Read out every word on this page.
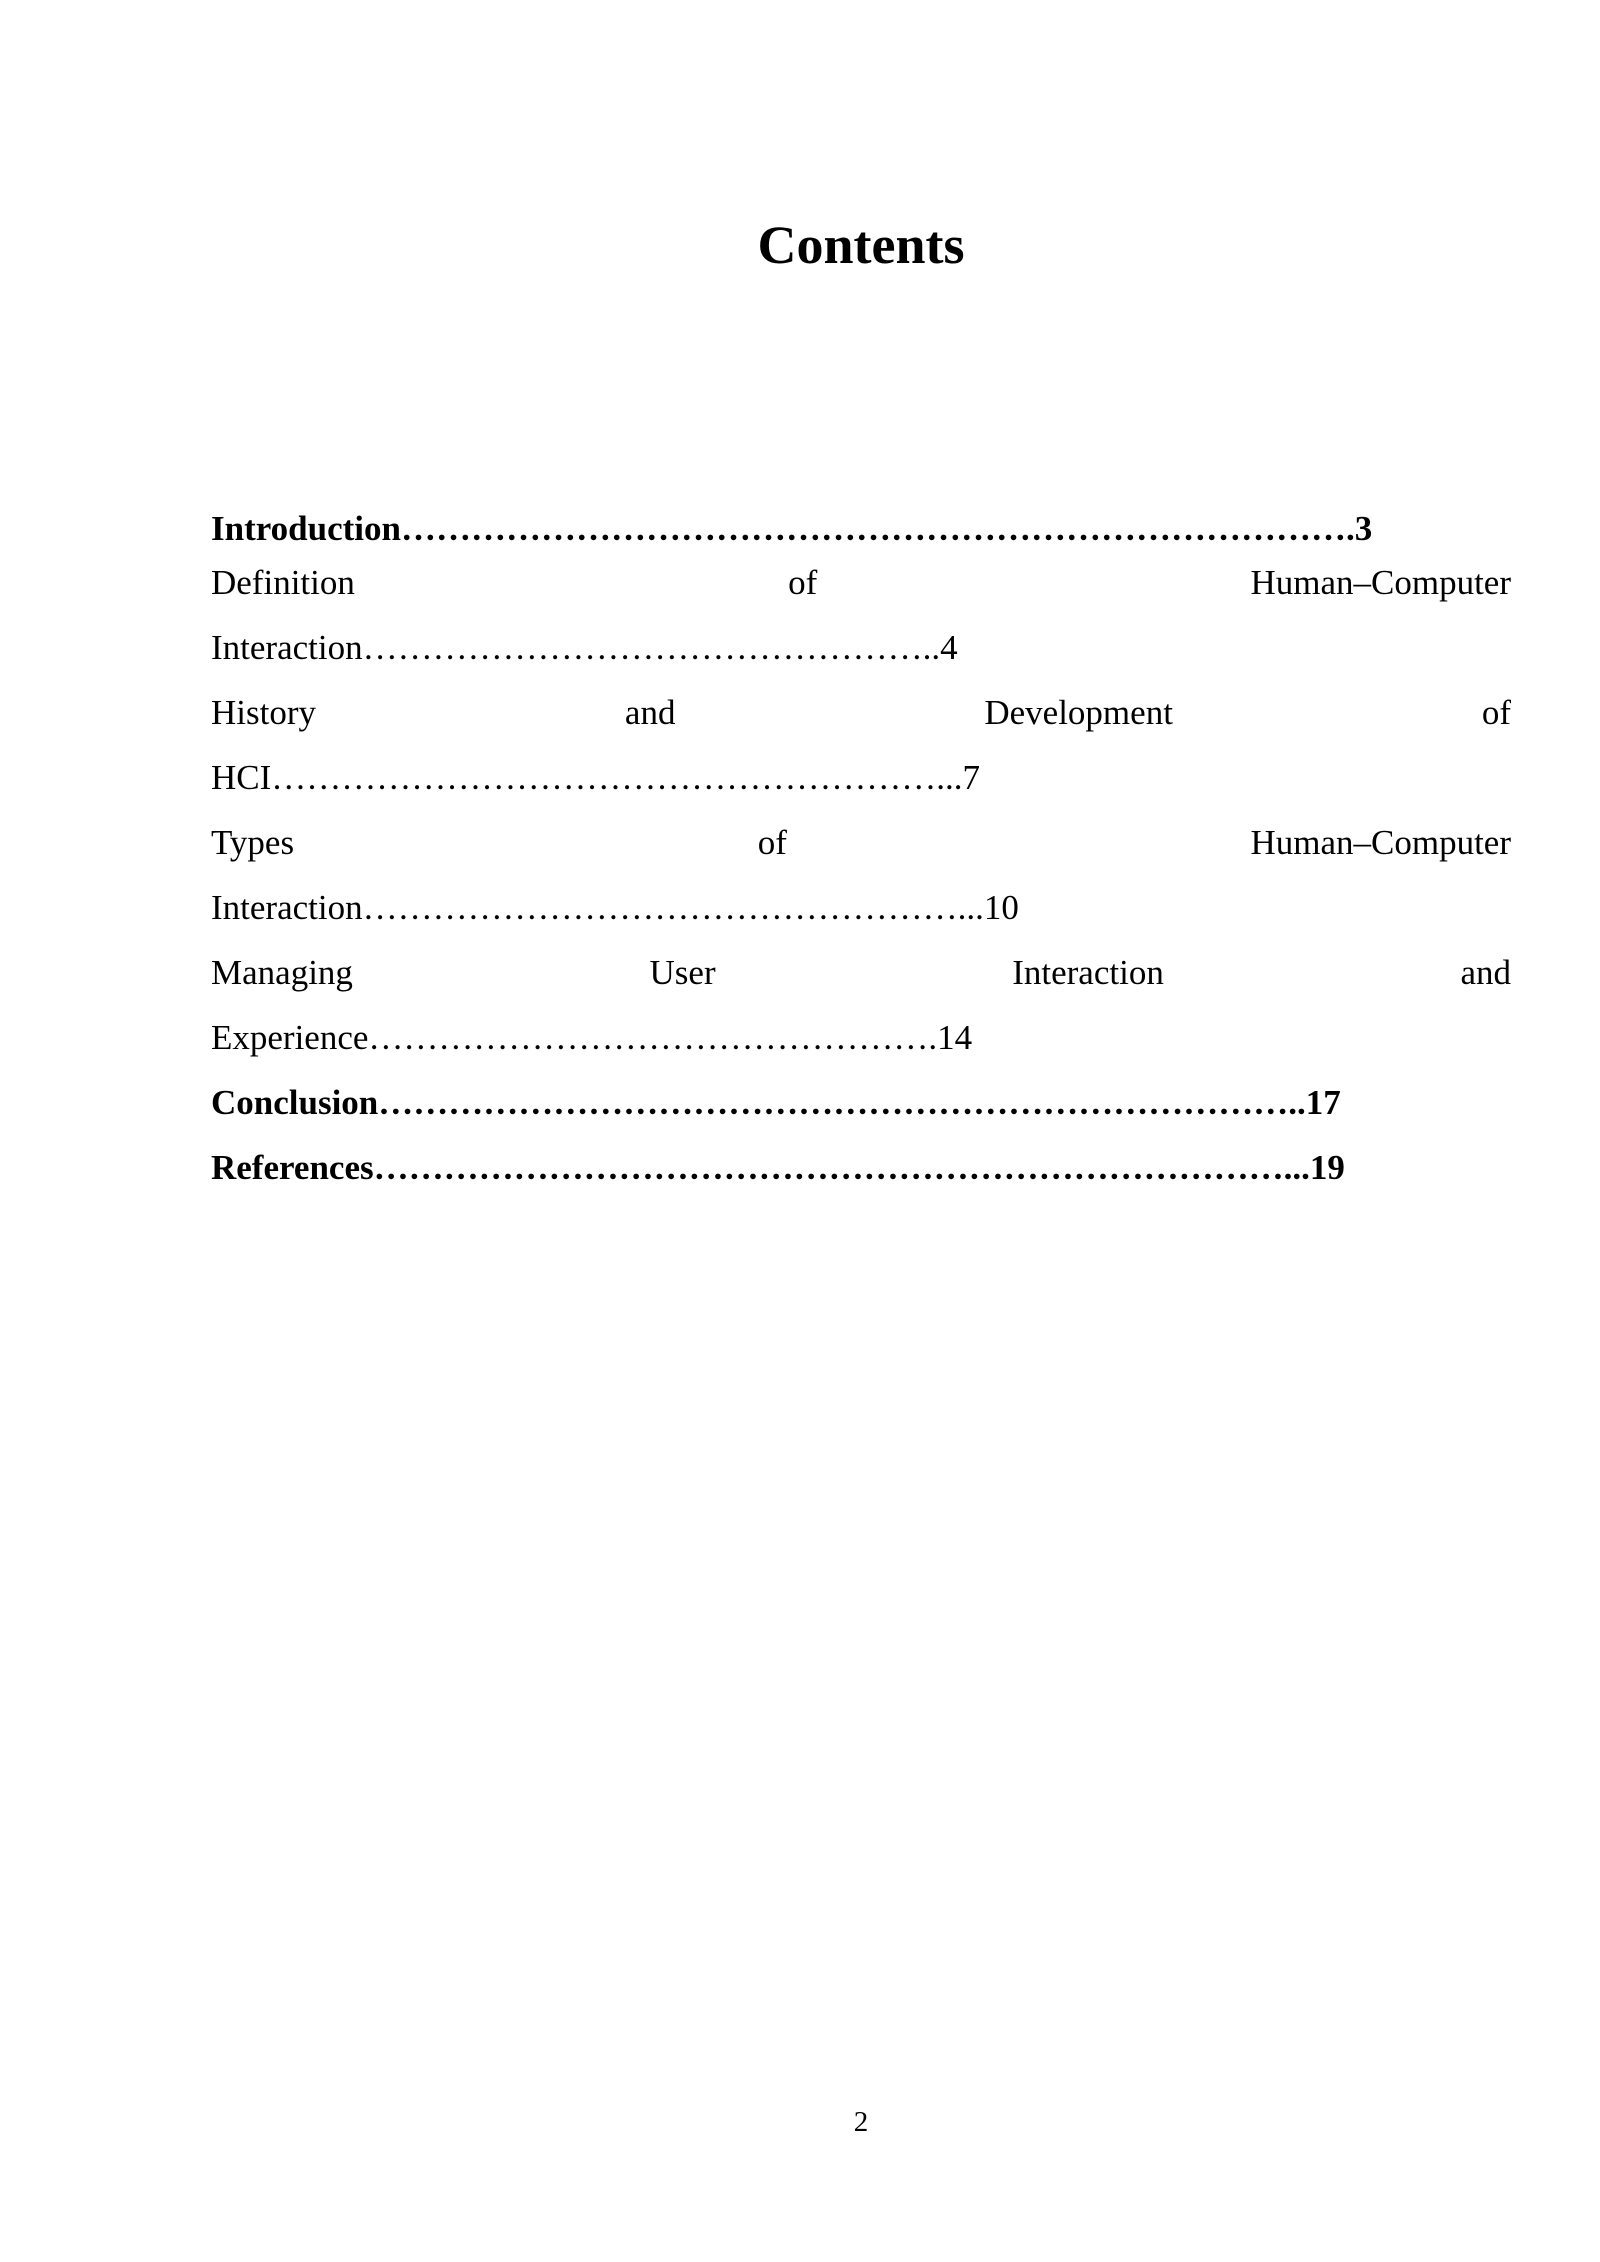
Contents
Introduction……………………………………………………………………….3
Definition	of	Human–Computer
Interaction…………………………………………..4
History	and	Development	of
HCI…………………………………………………...7
Types	of	Human–Computer
Interaction……………………………………………...10
Managing	User	Interaction	and
Experience………………………………………….14
Conclusion……………………………………………………………………..17
References……………………………………………………………………...19
2
